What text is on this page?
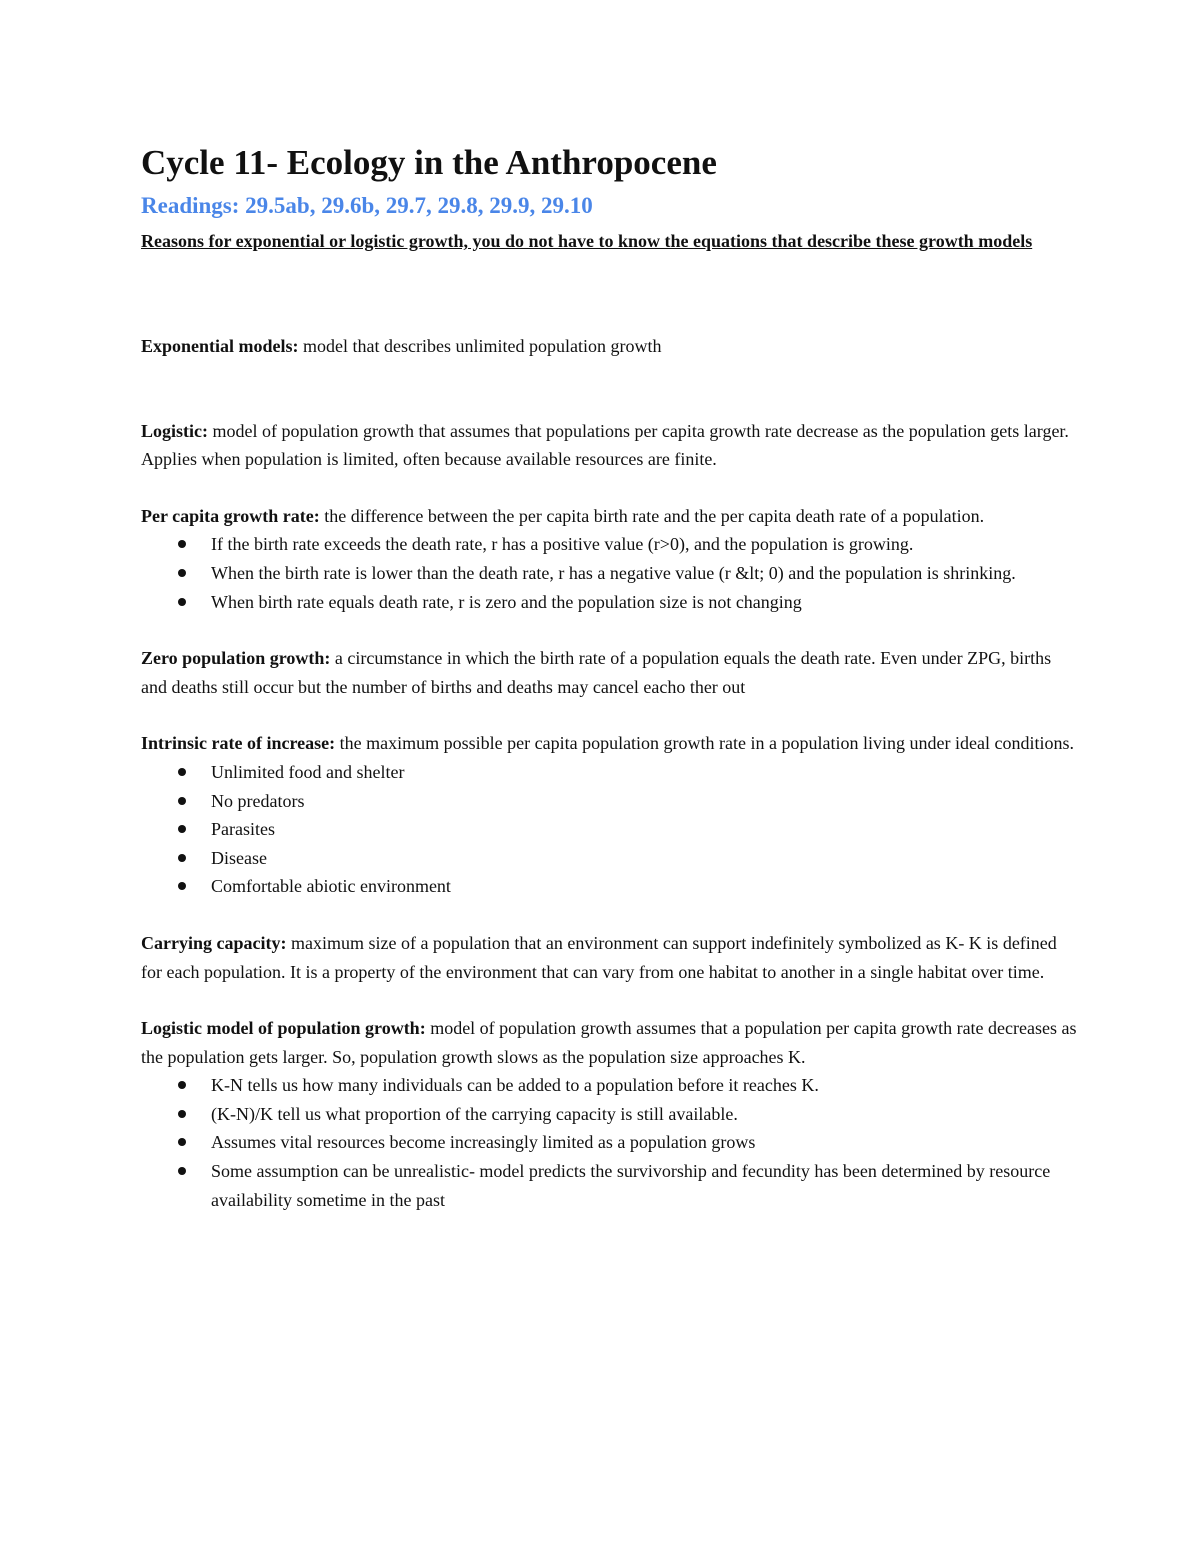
Cycle 11- Ecology in the Anthropocene
Readings: 29.5ab, 29.6b, 29.7, 29.8, 29.9, 29.10
Reasons for exponential or logistic growth, you do not have to know the equations that describe these growth models

Exponential models: model that describes unlimited population growth

Logistic: model of population growth that assumes that populations per capita growth rate decrease as the population gets larger. Applies when population is limited, often because available resources are finite.

Per capita growth rate: the difference between the per capita birth rate and the per capita death rate of a population.

If the birth rate exceeds the death rate, r has a positive value (r>0), and the population is growing.
When the birth rate is lower than the death rate, r has a negative value (r &lt; 0) and the population is shrinking.
When birth rate equals death rate, r is zero and the population size is not changing

Zero population growth: a circumstance in which the birth rate of a population equals the death rate. Even under ZPG, births and deaths still occur but the number of births and deaths may cancel eacho ther out

Intrinsic rate of increase: the maximum possible per capita population growth rate in a population living under ideal conditions.

Unlimited food and shelter
No predators
Parasites
Disease
Comfortable abiotic environment

Carrying capacity: maximum size of a population that an environment can support indefinitely symbolized as K- K is defined for each population. It is a property of the environment that can vary from one habitat to another in a single habitat over time.

Logistic model of population growth: model of population growth assumes that a population per capita growth rate decreases as the population gets larger. So, population growth slows as the population size approaches K.

K-N tells us how many individuals can be added to a population before it reaches K.
(K-N)/K tell us what proportion of the carrying capacity is still available.
Assumes vital resources become increasingly limited as a population grows
Some assumption can be unrealistic- model predicts the survivorship and fecundity has been determined by resource availability sometime in the past
